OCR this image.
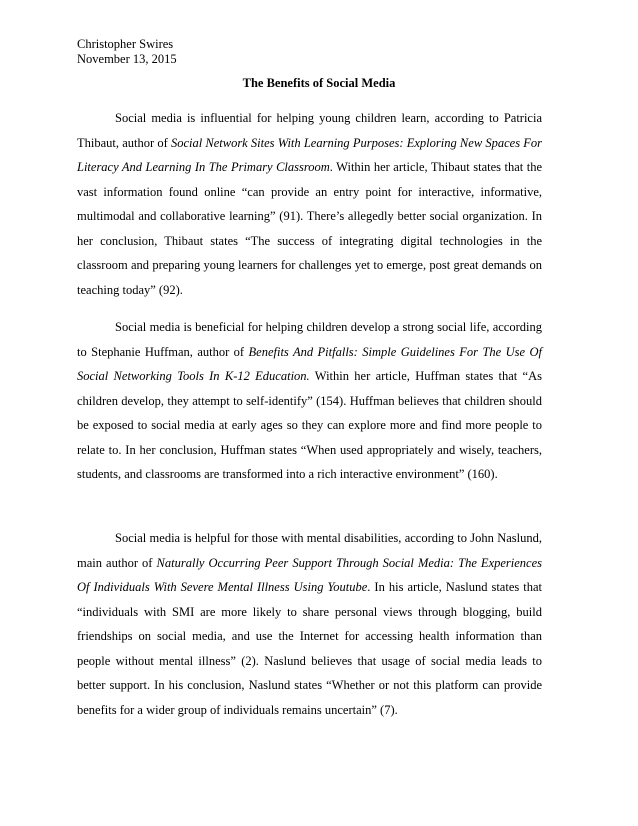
Christopher Swires
November 13, 2015
The Benefits of Social Media

Social media is influential for helping young children learn, according to Patricia Thibaut, author of Social Network Sites With Learning Purposes: Exploring New Spaces For Literacy And Learning In The Primary Classroom. Within her article, Thibaut states that the vast information found online “can provide an entry point for interactive, informative, multimodal and collaborative learning” (91). There’s allegedly better social organization. In her conclusion, Thibaut states “The success of integrating digital technologies in the classroom and preparing young learners for challenges yet to emerge, post great demands on teaching today” (92).

Social media is beneficial for helping children develop a strong social life, according to Stephanie Huffman, author of Benefits And Pitfalls: Simple Guidelines For The Use Of Social Networking Tools In K-12 Education. Within her article, Huffman states that “As children develop, they attempt to self-identify” (154). Huffman believes that children should be exposed to social media at early ages so they can explore more and find more people to relate to. In her conclusion, Huffman states “When used appropriately and wisely, teachers, students, and classrooms are transformed into a rich interactive environment” (160).

Social media is helpful for those with mental disabilities, according to John Naslund, main author of Naturally Occurring Peer Support Through Social Media: The Experiences Of Individuals With Severe Mental Illness Using Youtube. In his article, Naslund states that “individuals with SMI are more likely to share personal views through blogging, build friendships on social media, and use the Internet for accessing health information than people without mental illness” (2). Naslund believes that usage of social media leads to better support. In his conclusion, Naslund states “Whether or not this platform can provide benefits for a wider group of individuals remains uncertain” (7).
